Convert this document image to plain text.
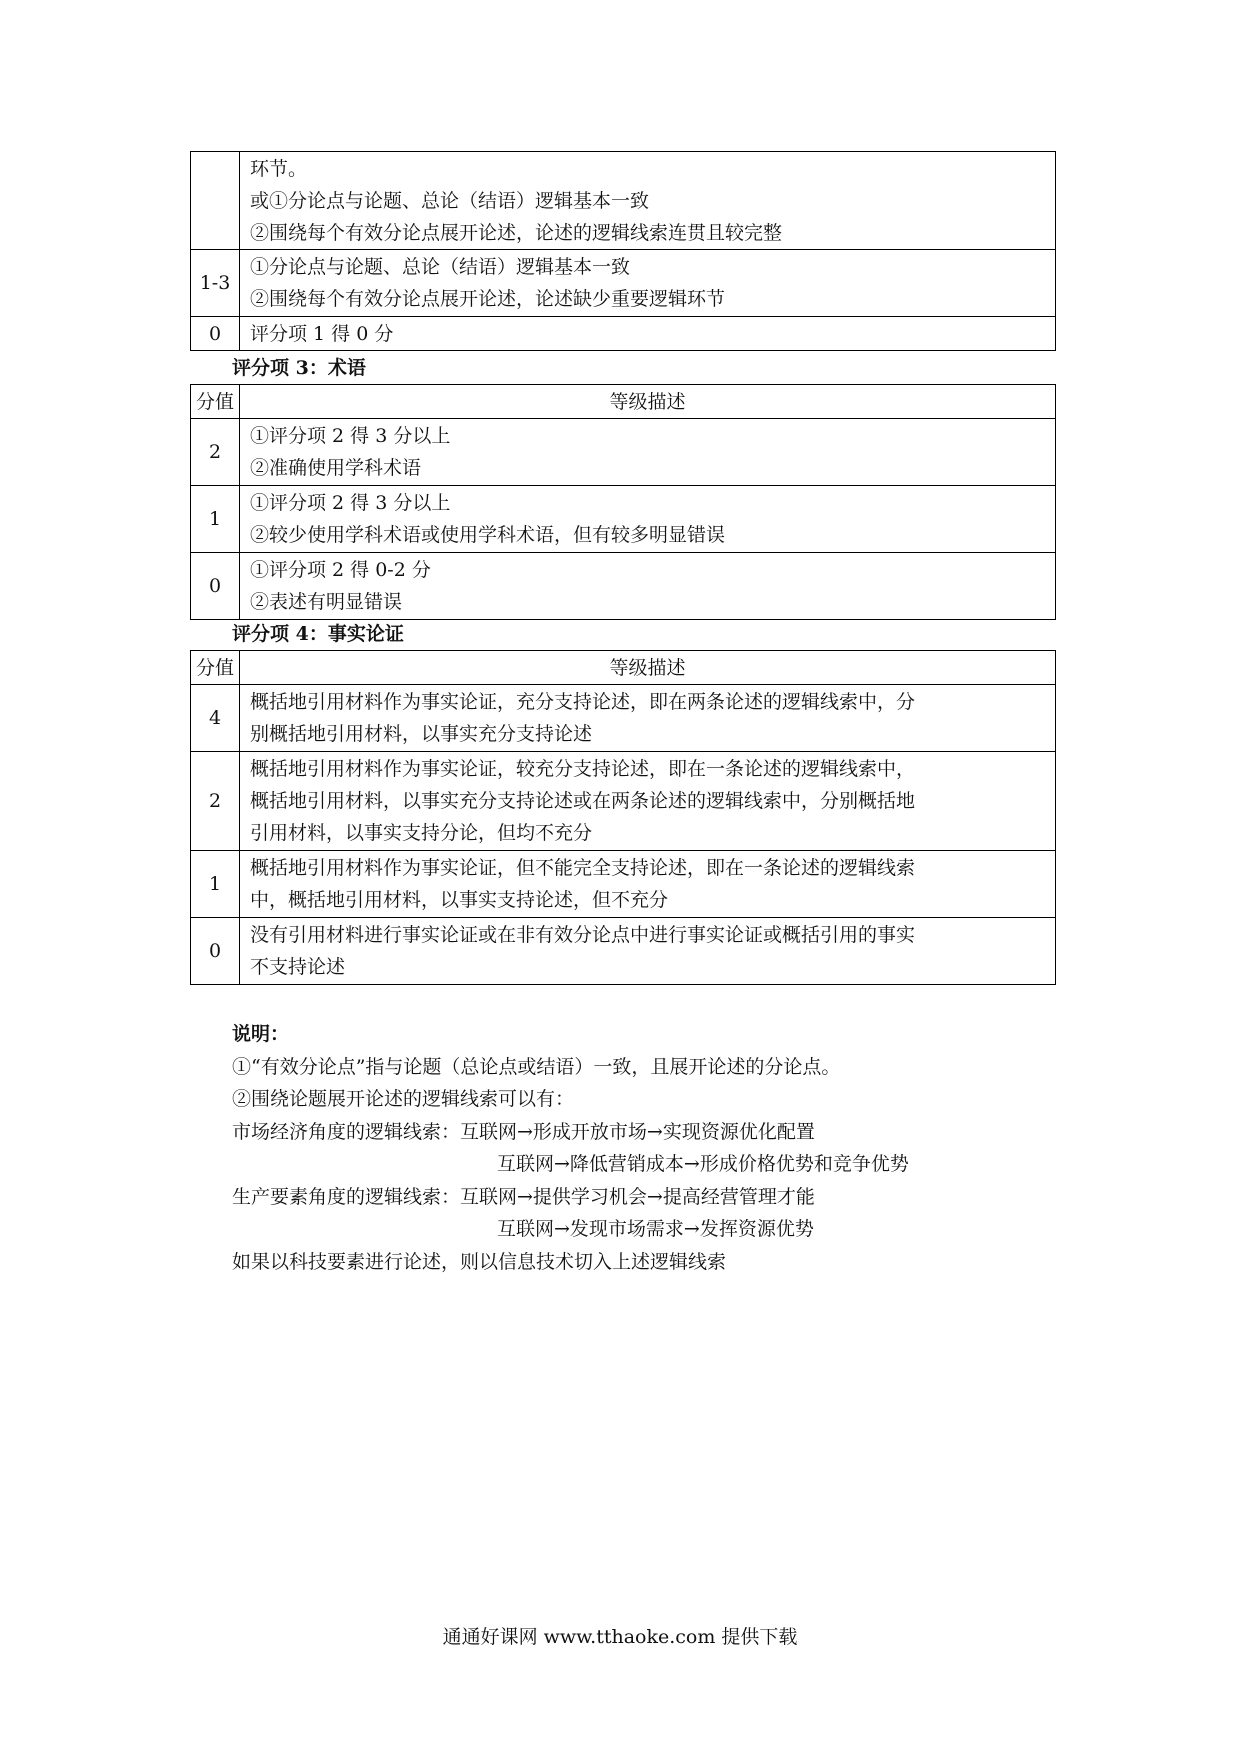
	环节。
或①分论点与论题、总论（结语）逻辑基本一致
②围绕每个有效分论点展开论述，论述的逻辑线索连贯且较完整

1-3	①分论点与论题、总论（结语）逻辑基本一致
②围绕每个有效分论点展开论述，论述缺少重要逻辑环节

0	评分项 1 得 0 分
评分项 3：术语
分值	等级描述
2	①评分项 2 得 3 分以上
②准确使用学科术语

1	①评分项 2 得 3 分以上
②较少使用学科术语或使用学科术语，但有较多明显错误

0	①评分项 2 得 0-2 分
②表述有明显错误
评分项 4：事实论证
分值	等级描述
4	概括地引用材料作为事实论证，充分支持论述，即在两条论述的逻辑线索中，分
别概括地引用材料，以事实充分支持论述

2	概括地引用材料作为事实论证，较充分支持论述，即在一条论述的逻辑线索中，
概括地引用材料，以事实充分支持论述或在两条论述的逻辑线索中，分别概括地
引用材料，以事实支持分论，但均不充分

1	概括地引用材料作为事实论证，但不能完全支持论述，即在一条论述的逻辑线索
中，概括地引用材料，以事实支持论述，但不充分

0	没有引用材料进行事实论证或在非有效分论点中进行事实论证或概括引用的事实
不支持论述
说明：
①“有效分论点”指与论题（总论点或结语）一致，且展开论述的分论点。
②围绕论题展开论述的逻辑线索可以有：
市场经济角度的逻辑线索：互联网→形成开放市场→实现资源优化配置
互联网→降低营销成本→形成价格优势和竞争优势
生产要素角度的逻辑线索：互联网→提供学习机会→提高经营管理才能
互联网→发现市场需求→发挥资源优势
如果以科技要素进行论述，则以信息技术切入上述逻辑线索
通通好课网 www.tthaoke.com 提供下载
